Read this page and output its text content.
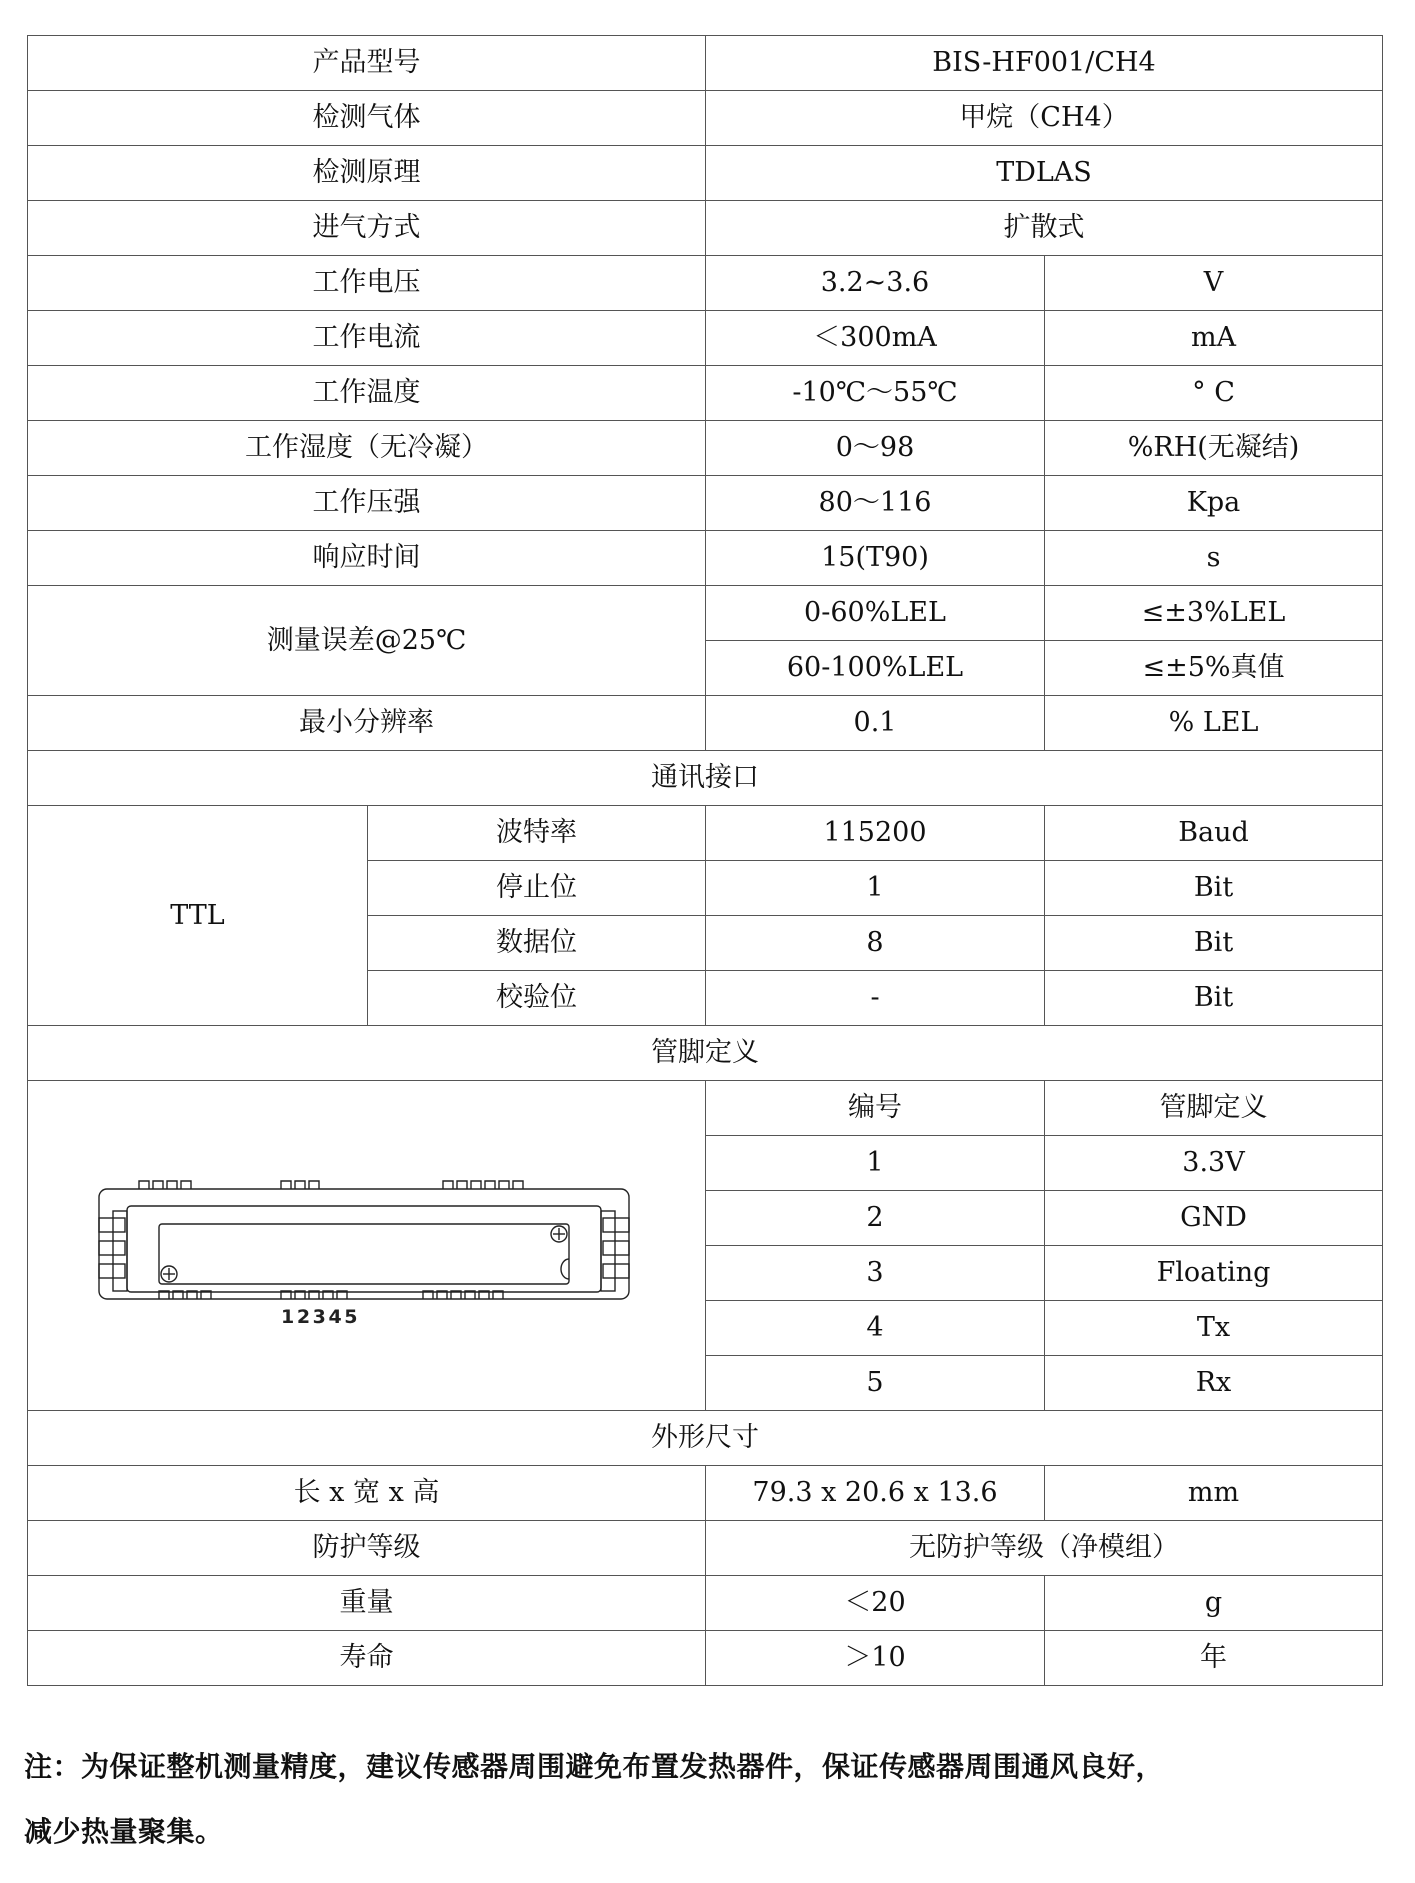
产品型号		BIS-HF001/CH4	
检测气体		甲烷（CH4）	
检测原理		TDLAS	
进气方式		扩散式	
工作电压		3.2~3.6	V
工作电流		＜300mA	mA
工作温度		-10℃～55℃	° C
工作湿度（无冷凝）		0～98	%RH(无凝结)
工作压强		80～116	Kpa
响应时间		15(T90)	s
测量误差@25℃		0-60%LEL	≤±3%LEL
		60-100%LEL	≤±5%真值
最小分辨率		0.1	% LEL
通讯接口			
TTL	波特率	115200	Baud
	停止位	1	Bit
	数据位	8	Bit
	校验位	-	Bit
管脚定义			

12345		编号	管脚定义
		1	3.3V
		2	GND
		3	Floating
		4	Tx
		5	Rx
外形尺寸			
长 x 宽 x 高		79.3 x 20.6 x 13.6	mm
防护等级		无防护等级（净模组）	
重量		＜20	g
寿命		＞10	年
注：为保证整机测量精度，建议传感器周围避免布置发热器件，保证传感器周围通风良好，
减少热量聚集。
